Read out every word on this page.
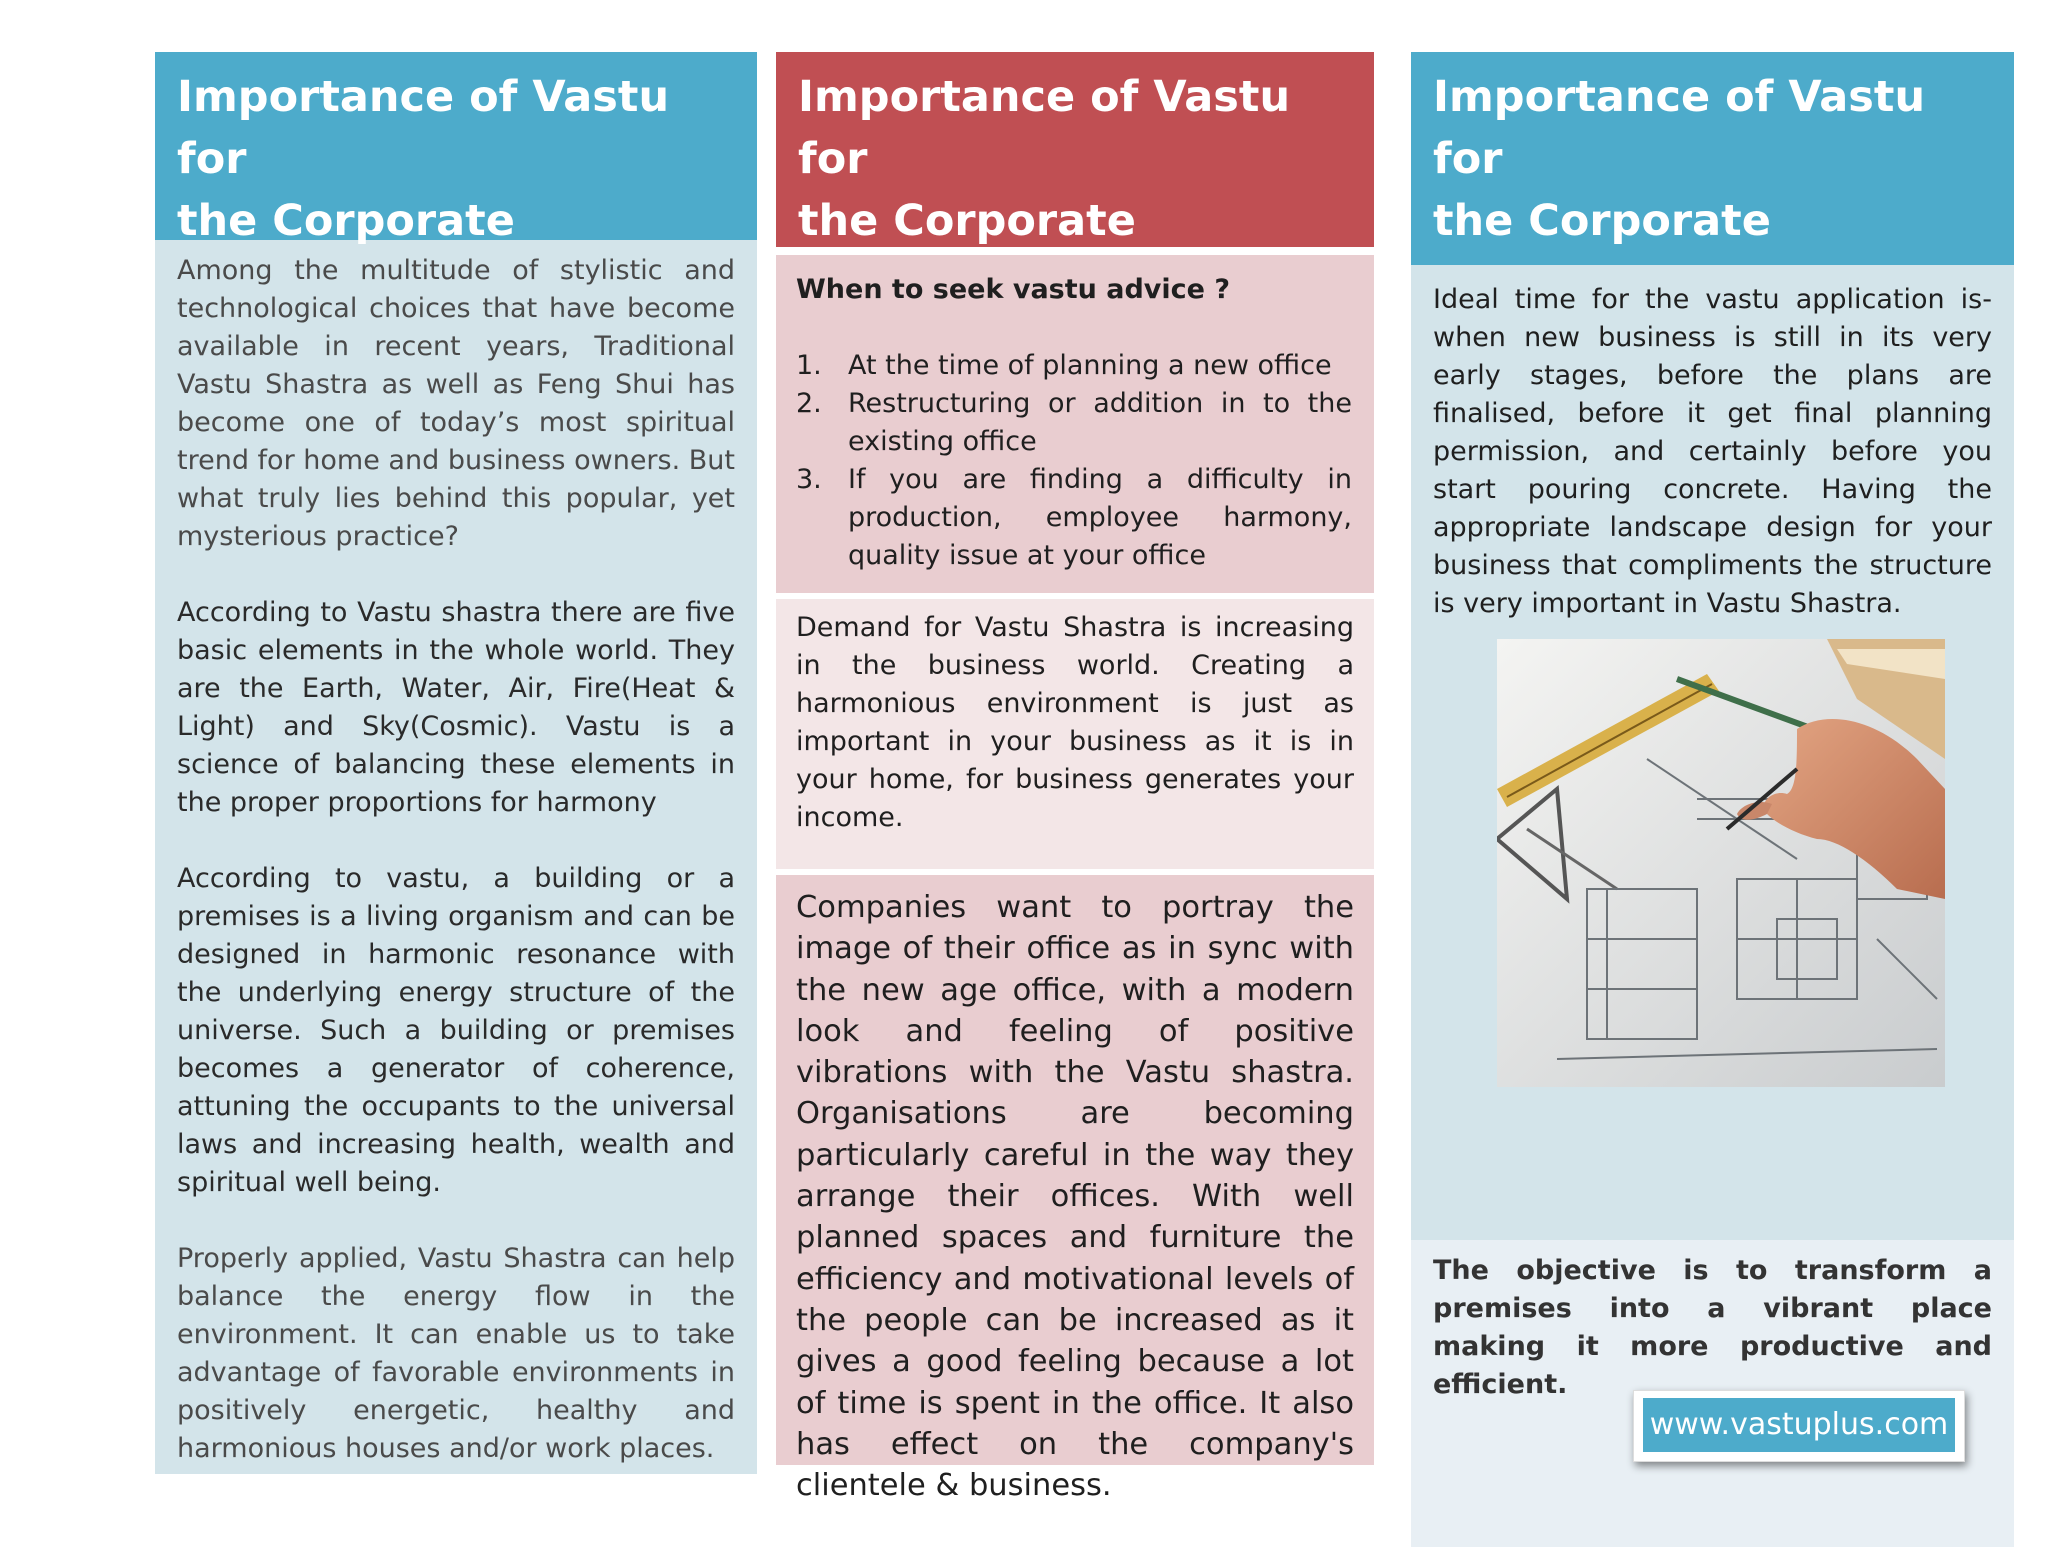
Importance of Vastu for
the Corporate

Among the multitude of stylistic and technological choices that have become available in recent years, Traditional Vastu Shastra as well as Feng Shui has become one of today’s most spiritual trend for home and business owners. But what truly lies behind this popular, yet mysterious practice?

According to Vastu shastra there are five basic elements in the whole world. They are the Earth, Water, Air, Fire(Heat & Light) and Sky(Cosmic). Vastu is a science of balancing these elements in the proper proportions for harmony

According to vastu, a building or a premises is a living organism and can be designed in harmonic resonance with the underlying energy structure of the universe. Such a building or premises becomes a generator of coherence, attuning the occupants to the universal laws and increasing health, wealth and spiritual well being.

Properly applied, Vastu Shastra can help balance the energy flow in the environment. It can enable us to take advantage of favorable environments in positively energetic, healthy and harmonious houses and/or work places.

Importance of Vastu for
the Corporate
When to seek vastu advice ?
1. At the time of planning a new office
2. Restructuring or addition in to the existing office
3. If you are finding a difficulty in production, employee harmony, quality issue at your office

Demand for Vastu Shastra is increasing in the business world. Creating a harmonious environment is just as important in your business as it is in your home, for business generates your income.

Companies want to portray the image of their office as in sync with the new age office, with a modern look and feeling of positive vibrations with the Vastu shastra. Organisations are becoming particularly careful in the way they arrange their offices. With well planned spaces and furniture the efficiency and motivational levels of the people can be increased as it gives a good feeling because a lot of time is spent in the office. It also has effect on the company's clientele & business.

Importance of Vastu for
the Corporate

Ideal time for the vastu application is- when new business is still in its very early stages, before the plans are finalised, before it get final planning permission, and certainly before you start pouring concrete. Having the appropriate landscape design for your business that compliments the structure is very important in Vastu Shastra.

The objective is to transform a premises into a vibrant place making it more productive and efficient.

www.vastuplus.com
